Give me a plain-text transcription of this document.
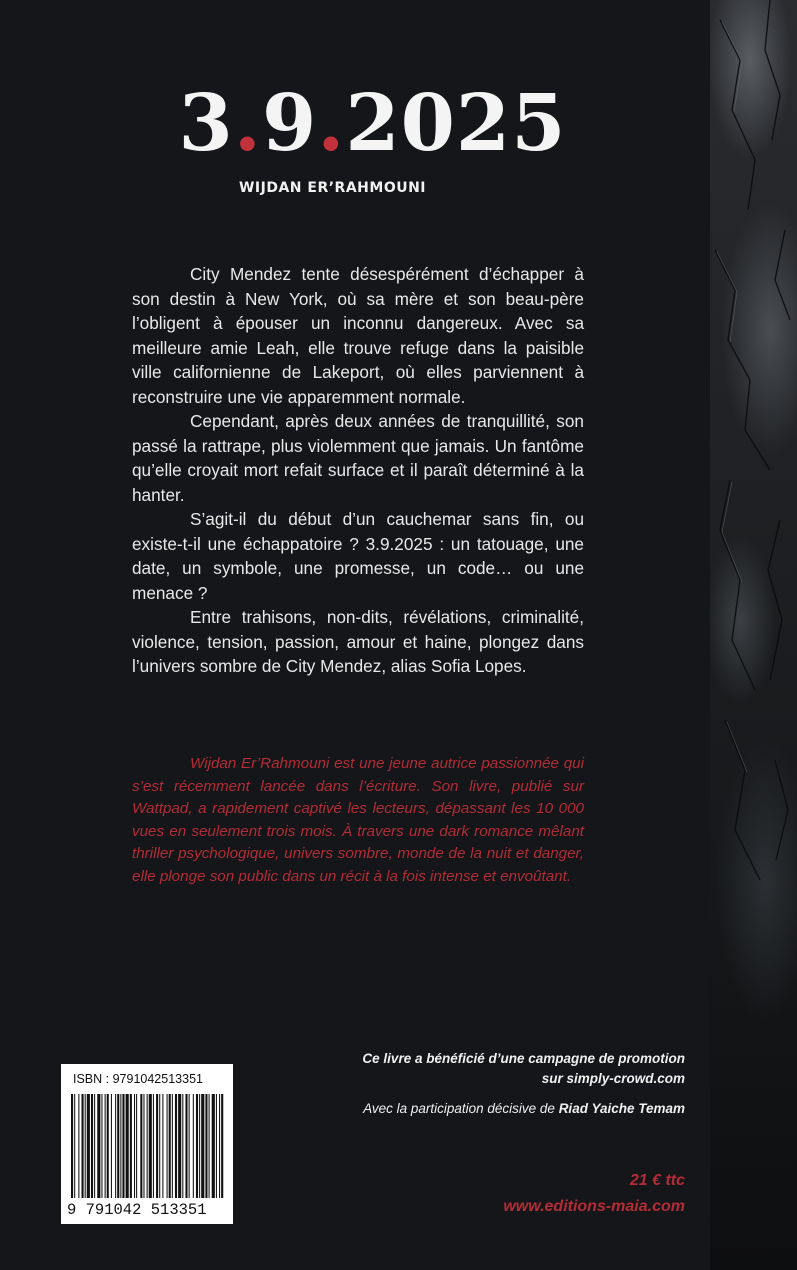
3.9.2025
WIJDAN ER’RAHMOUNI

City Mendez tente désespérément d’échapper à son destin à New York, où sa mère et son beau-père l’obligent à épouser un inconnu dangereux. Avec sa meilleure amie Leah, elle trouve refuge dans la paisible ville californienne de Lakeport, où elles parviennent à reconstruire une vie apparemment normale.

Cependant, après deux années de tranquillité, son passé la rattrape, plus violemment que jamais. Un fantôme qu’elle croyait mort refait surface et il paraît déterminé à la hanter.

S’agit-il du début d’un cauchemar sans fin, ou existe-t-il une échappatoire ? 3.9.2025 : un tatouage, une date, un symbole, une promesse, un code… ou une menace ?

Entre trahisons, non-dits, révélations, criminalité, violence, tension, passion, amour et haine, plongez dans l’univers sombre de City Mendez, alias Sofia Lopes.

Wijdan Er’Rahmouni est une jeune autrice passionnée qui s’est récemment lancée dans l’écriture. Son livre, publié sur Wattpad, a rapidement captivé les lecteurs, dépassant les 10 000 vues en seulement trois mois. À travers une dark romance mêlant thriller psychologique, univers sombre, monde de la nuit et danger, elle plonge son public dans un récit à la fois intense et envoûtant.

ISBN : 9791042513351
9 791042 513351
Ce livre a bénéficié d’une campagne de promotion
sur simply-crowd.com
Avec la participation décisive de Riad Yaiche Temam
21 € ttc
www.editions-maia.com
